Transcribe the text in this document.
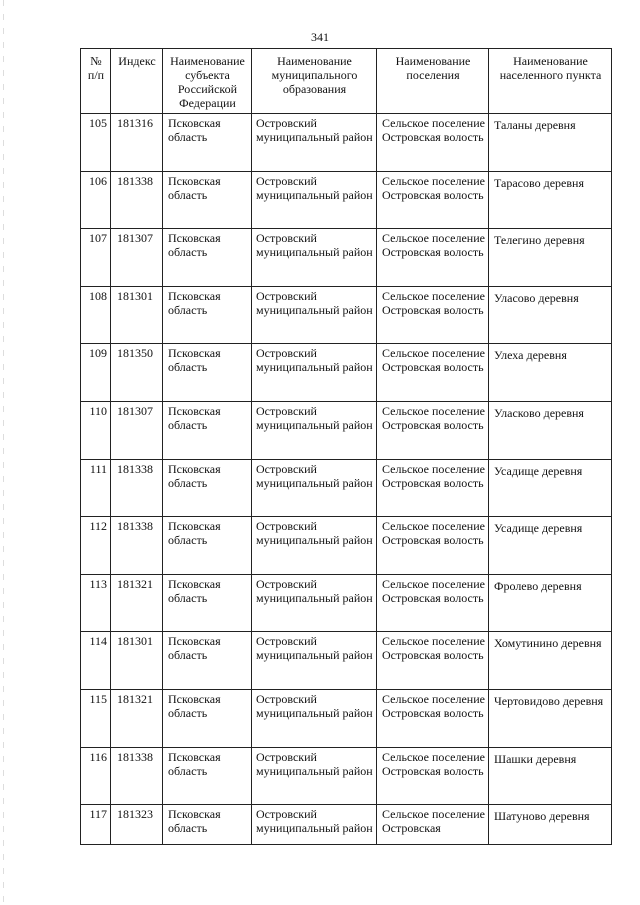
341
№ п/п	Индекс	Наименование субъекта Российской Федерации	Наименование муниципального образования	Наименование поселения	Наименование населенного пункта
105	181316	Псковская область	Островский муниципальный район	Сельское поселение Островская волость	Таланы деревня
106	181338	Псковская область	Островский муниципальный район	Сельское поселение Островская волость	Тарасово деревня
107	181307	Псковская область	Островский муниципальный район	Сельское поселение Островская волость	Телегино деревня
108	181301	Псковская область	Островский муниципальный район	Сельское поселение Островская волость	Уласово деревня
109	181350	Псковская область	Островский муниципальный район	Сельское поселение Островская волость	Улеха деревня
110	181307	Псковская область	Островский муниципальный район	Сельское поселение Островская волость	Уласково деревня
111	181338	Псковская область	Островский муниципальный район	Сельское поселение Островская волость	Усадище деревня
112	181338	Псковская область	Островский муниципальный район	Сельское поселение Островская волость	Усадище деревня
113	181321	Псковская область	Островский муниципальный район	Сельское поселение Островская волость	Фролево деревня
114	181301	Псковская область	Островский муниципальный район	Сельское поселение Островская волость	Хомутинино деревня
115	181321	Псковская область	Островский муниципальный район	Сельское поселение Островская волость	Чертовидово деревня
116	181338	Псковская область	Островский муниципальный район	Сельское поселение Островская волость	Шашки деревня
117	181323	Псковская область	Островский муниципальный район	Сельское поселение Островская	Шатуново деревня
